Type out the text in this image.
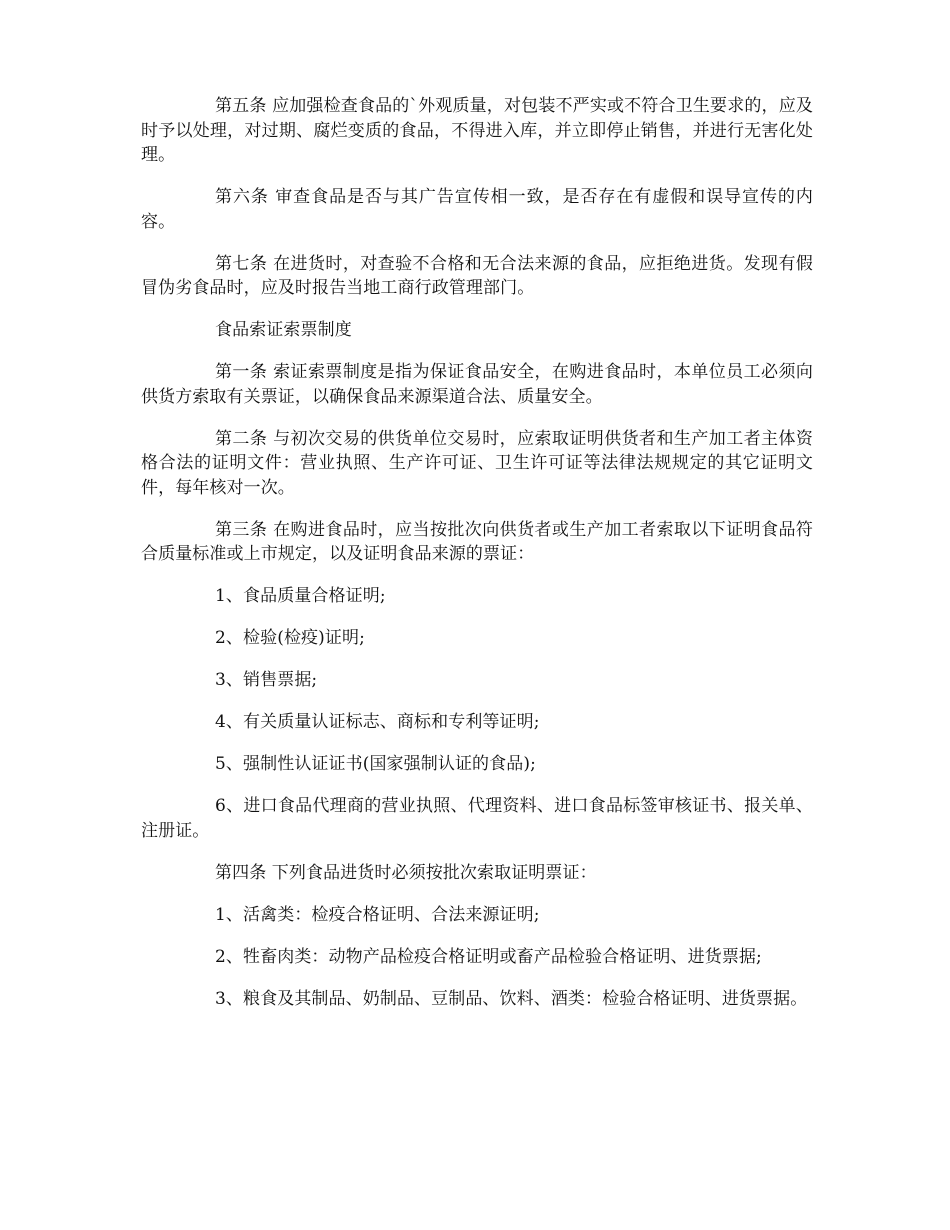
第五条 应加强检查食品的`外观质量，对包装不严实或不符合卫生要求的，应及时予以处理，对过期、腐烂变质的食品，不得进入库，并立即停止销售，并进行无害化处理。

第六条 审查食品是否与其广告宣传相一致，是否存在有虚假和误导宣传的内容。

第七条 在进货时，对查验不合格和无合法来源的食品，应拒绝进货。发现有假冒伪劣食品时，应及时报告当地工商行政管理部门。

食品索证索票制度

第一条 索证索票制度是指为保证食品安全，在购进食品时，本单位员工必须向供货方索取有关票证，以确保食品来源渠道合法、质量安全。

第二条 与初次交易的供货单位交易时，应索取证明供货者和生产加工者主体资格合法的证明文件：营业执照、生产许可证、卫生许可证等法律法规规定的其它证明文件，每年核对一次。

第三条 在购进食品时，应当按批次向供货者或生产加工者索取以下证明食品符合质量标准或上市规定，以及证明食品来源的票证：

1、食品质量合格证明;

2、检验(检疫)证明;

3、销售票据;

4、有关质量认证标志、商标和专利等证明;

5、强制性认证证书(国家强制认证的食品);

6、进口食品代理商的营业执照、代理资料、进口食品标签审核证书、报关单、注册证。

第四条 下列食品进货时必须按批次索取证明票证：

1、活禽类：检疫合格证明、合法来源证明;

2、牲畜肉类：动物产品检疫合格证明或畜产品检验合格证明、进货票据;

3、粮食及其制品、奶制品、豆制品、饮料、酒类：检验合格证明、进货票据。
